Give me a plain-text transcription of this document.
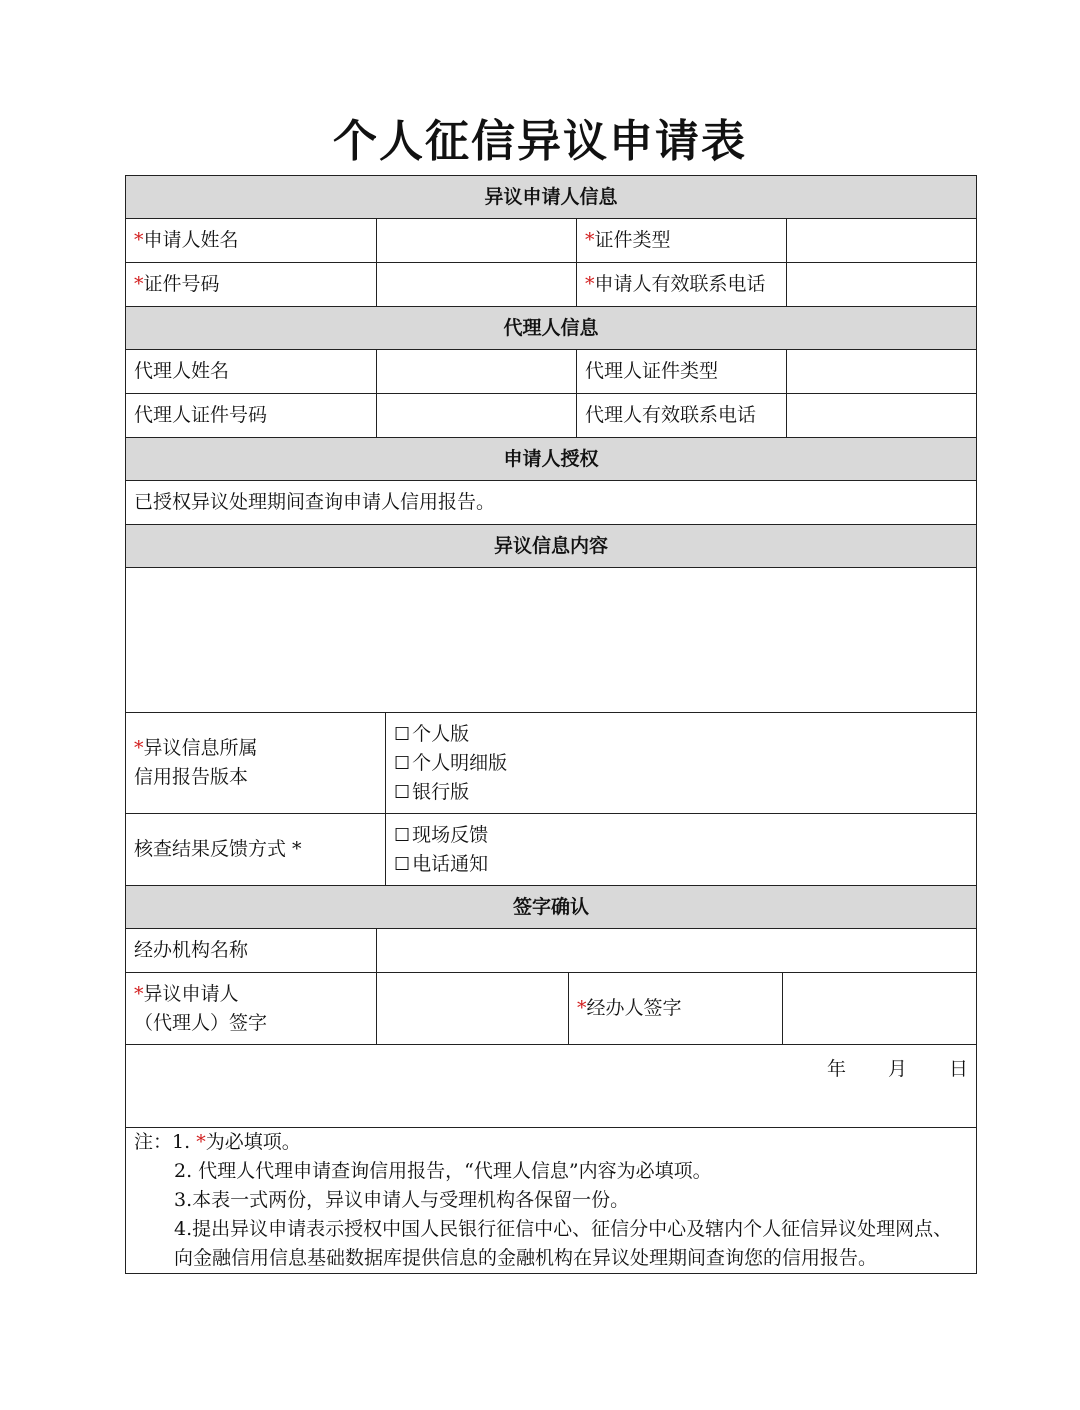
个人征信异议申请表
异议申请人信息						
*申请人姓名				*证件类型		
*证件号码				*申请人有效联系电话		
代理人信息						
代理人姓名				代理人证件类型		
代理人证件号码				代理人有效联系电话		
申请人授权						
已授权异议处理期间查询申请人信用报告。						
异议信息内容						

*异议信息所属
信用报告版本		☐ 个人版
☐ 个人明细版
☐ 银行版				

核查结果反馈方式 *		☐ 现场反馈
☐ 电话通知				

签字确认						
经办机构名称						
*异议申请人
（代理人）签字			*经办人签字			
年 月 日						
注：1. *为必填项。
2. 代理人代理申请查询信用报告，“代理人信息”内容为必填项。
3.本表一式两份，异议申请人与受理机构各保留一份。
4.提出异议申请表示授权中国人民银行征信中心、征信分中心及辖内个人征信异议处理网点、向金融信用信息基础数据库提供信息的金融机构在异议处理期间查询您的信用报告。						
